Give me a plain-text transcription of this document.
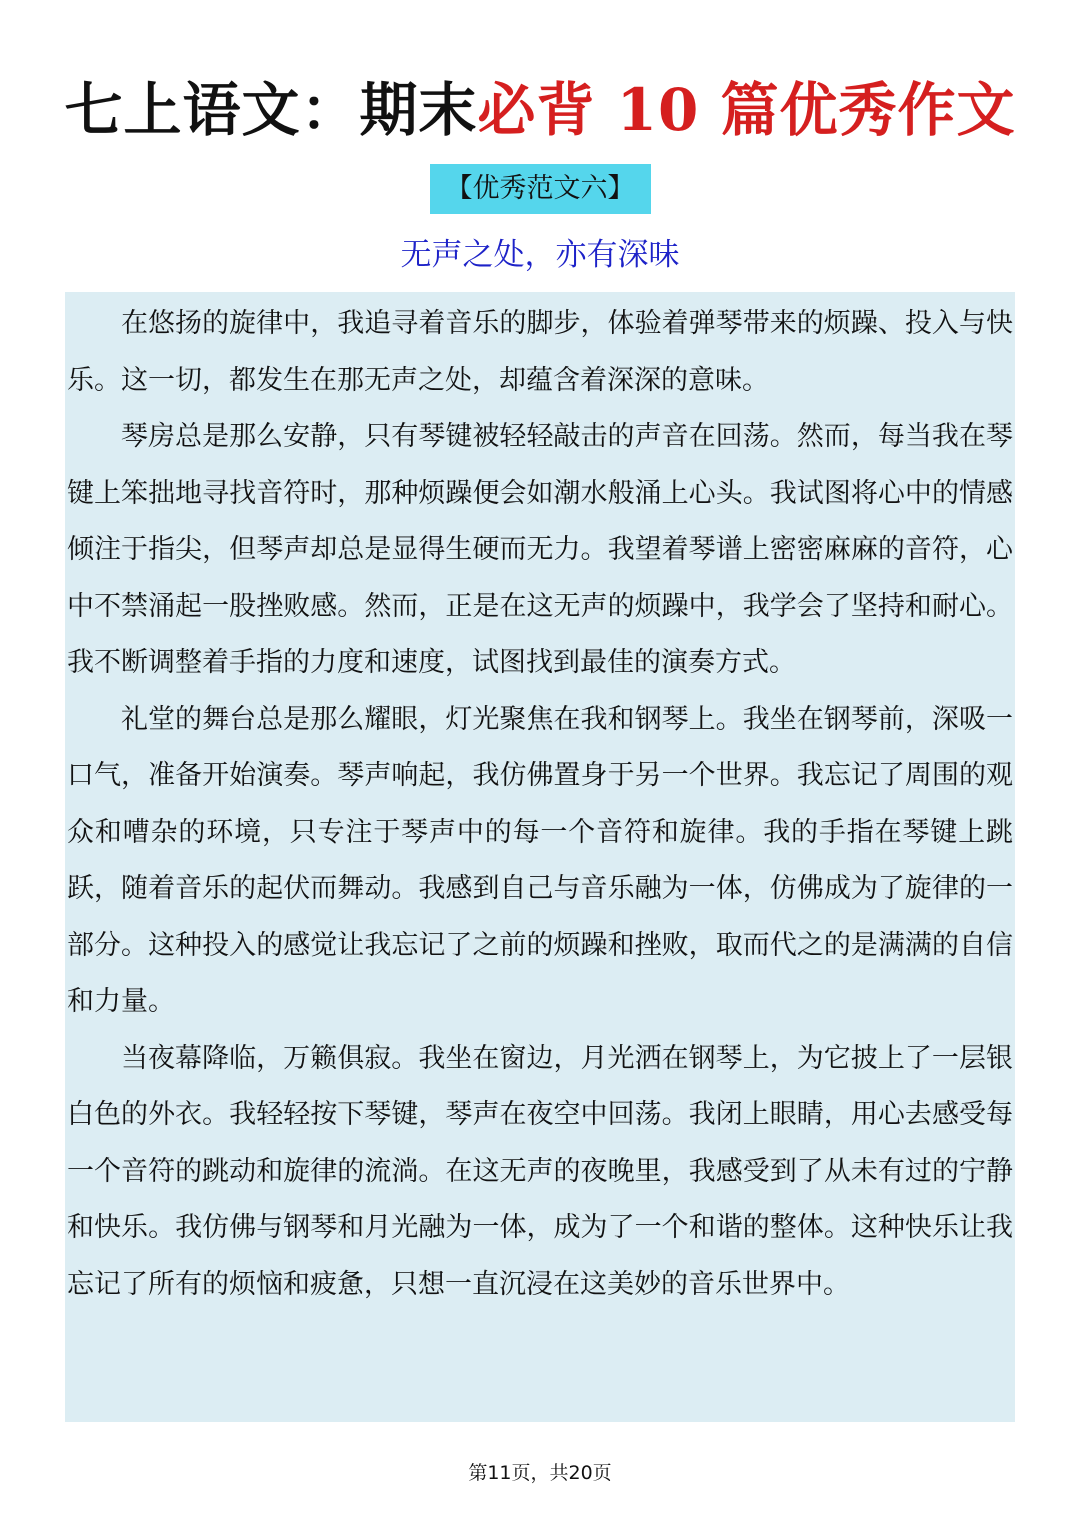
七上语文：期末必背 10 篇优秀作文
【优秀范文六】
无声之处，亦有深味

在悠扬的旋律中，我追寻着音乐的脚步，体验着弹琴带来的烦躁、投入与快乐。这一切，都发生在那无声之处，却蕴含着深深的意味。

琴房总是那么安静，只有琴键被轻轻敲击的声音在回荡。然而，每当我在琴键上笨拙地寻找音符时，那种烦躁便会如潮水般涌上心头。我试图将心中的情感倾注于指尖，但琴声却总是显得生硬而无力。我望着琴谱上密密麻麻的音符，心中不禁涌起一股挫败感。然而，正是在这无声的烦躁中，我学会了坚持和耐心。我不断调整着手指的力度和速度，试图找到最佳的演奏方式。

礼堂的舞台总是那么耀眼，灯光聚焦在我和钢琴上。我坐在钢琴前，深吸一口气，准备开始演奏。琴声响起，我仿佛置身于另一个世界。我忘记了周围的观众和嘈杂的环境，只专注于琴声中的每一个音符和旋律。我的手指在琴键上跳跃，随着音乐的起伏而舞动。我感到自己与音乐融为一体，仿佛成为了旋律的一部分。这种投入的感觉让我忘记了之前的烦躁和挫败，取而代之的是满满的自信和力量。

当夜幕降临，万籁俱寂。我坐在窗边，月光洒在钢琴上，为它披上了一层银白色的外衣。我轻轻按下琴键，琴声在夜空中回荡。我闭上眼睛，用心去感受每一个音符的跳动和旋律的流淌。在这无声的夜晚里，我感受到了从未有过的宁静和快乐。我仿佛与钢琴和月光融为一体，成为了一个和谐的整体。这种快乐让我忘记了所有的烦恼和疲惫，只想一直沉浸在这美妙的音乐世界中。

第11页，共20页
